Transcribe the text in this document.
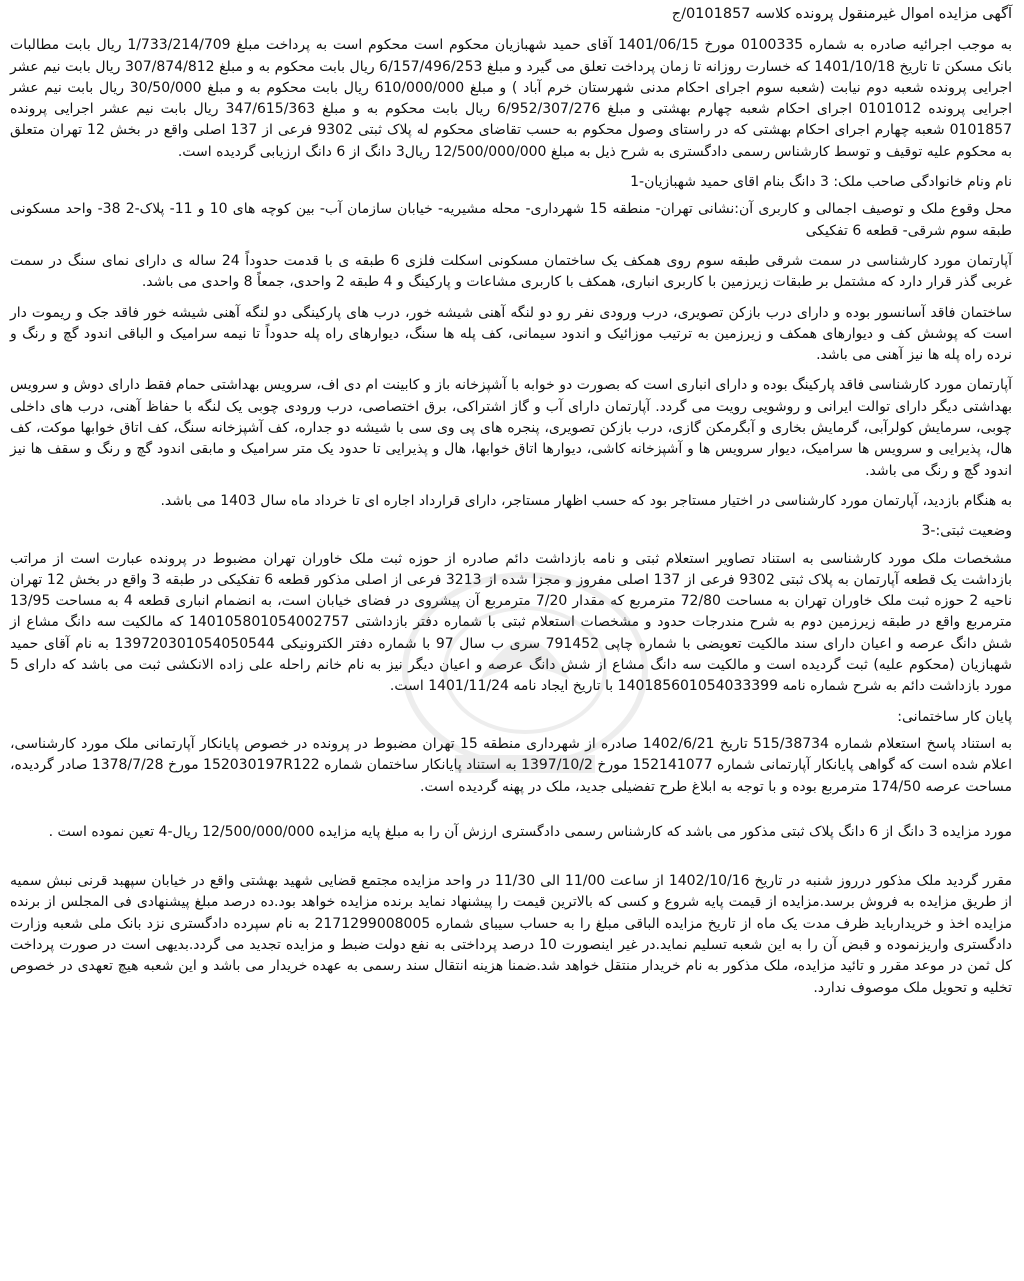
آگهی مزایده اموال غیرمنقول پرونده کلاسه 0101857/ج
به موجب اجرائیه صادره به شماره 0100335 مورخ 1401/06/15 آقای حمید شهبازیان محکوم است محکوم است به پرداخت مبلغ 1/733/214/709 ریال بابت مطالبات بانک مسکن تا تاریخ 1401/10/18 که خسارت روزانه تا زمان پرداخت تعلق می گیرد و مبلغ 6/157/496/253 ریال بابت محکوم به و مبلغ 307/874/812 ریال بابت نیم عشر اجرایی پرونده شعبه دوم نیابت (شعبه سوم اجرای احکام مدنی شهرستان خرم آباد ) و مبلغ 610/000/000 ریال بابت محکوم به و مبلغ 30/50/000 ریال بابت نیم عشر اجرایی پرونده 0101012 اجرای احکام شعبه چهارم بهشتی و مبلغ 6/952/307/276 ریال بابت محکوم به و مبلغ 347/615/363 ریال بابت نیم عشر اجرایی پرونده 0101857 شعبه چهارم اجرای احکام بهشتی که در راستای وصول محکوم به حسب تقاضای محکوم له پلاک ثبتی 9302 فرعی از 137 اصلی واقع در بخش 12 تهران متعلق به محکوم علیه توقیف و توسط کارشناس رسمی دادگستری به شرح ذیل به مبلغ 12/500/000/000 ریال3 دانگ از 6 دانگ ارزیابی گردیده است.
نام ونام خانوادگی صاحب ملک: 3 دانگ بنام اقای حمید شهبازیان-1
محل وقوع ملک و توصیف اجمالی و کاربری آن:نشانی تهران- منطقه 15 شهرداری- محله مشیریه- خیابان سازمان آب- بین کوچه های 10 و 11- پلاک-2 38- واحد مسکونی طبقه سوم شرقی- قطعه 6 تفکیکی
آپارتمان مورد کارشناسی در سمت شرقی طبقه سوم روی همکف یک ساختمان مسکونی اسکلت فلزی 6 طبقه ی با قدمت حدوداً 24 ساله ی دارای نمای سنگ در سمت غربی گذر قرار دارد که مشتمل بر طبقات زیرزمین با کاربری انباری، همکف با کاربری مشاعات و پارکینگ و 4 طبقه 2 واحدی، جمعاً 8 واحدی می باشد.
ساختمان فاقد آسانسور بوده و دارای درب بازکن تصویری، درب ورودی نفر رو دو لنگه آهنی شیشه خور، درب های پارکینگی دو لنگه آهنی شیشه خور فاقد جک و ریموت دار است که پوشش کف و دیوارهای همکف و زیرزمین به ترتیب موزائیک و اندود سیمانی، کف پله ها سنگ، دیوارهای راه پله حدوداً تا نیمه سرامیک و الباقی اندود گچ و رنگ و نرده راه پله ها نیز آهنی می باشد.
آپارتمان مورد کارشناسی فاقد پارکینگ بوده و دارای انباری است که بصورت دو خوابه با آشپزخانه باز و کابینت ام دی اف، سرویس بهداشتی حمام فقط دارای دوش و سرویس بهداشتی دیگر دارای توالت ایرانی و روشویی رویت می گردد. آپارتمان دارای آب و گاز اشتراکی، برق اختصاصی، درب ورودی چوبی یک لنگه با حفاظ آهنی، درب های داخلی چوبی، سرمایش کولرآبی، گرمایش بخاری و آبگرمکن گازی، درب بازکن تصویری، پنجره های پی وی سی با شیشه دو جداره، کف آشپزخانه سنگ، کف اتاق خوابها موکت، کف هال، پذیرایی و سرویس ها سرامیک، دیوار سرویس ها و آشپزخانه کاشی، دیوارها اتاق خوابها، هال و پذیرایی تا حدود یک متر سرامیک و مابقی اندود گچ و رنگ و سقف ها نیز اندود گچ و رنگ می باشد.
به هنگام بازدید، آپارتمان مورد کارشناسی در اختیار مستاجر بود که حسب اظهار مستاجر، دارای قرارداد اجاره ای تا خرداد ماه سال 1403 می باشد.
وضعیت ثبتی:-3
مشخصات ملک مورد کارشناسی به استناد تصاویر استعلام ثبتی و نامه بازداشت دائم صادره از حوزه ثبت ملک خاوران تهران مضبوط در پرونده عبارت است از مراتب بازداشت یک قطعه آپارتمان به پلاک ثبتی 9302 فرعی از 137 اصلی مفروز و مجزا شده از 3213 فرعی از اصلی مذکور قطعه 6 تفکیکی در طبقه 3 واقع در بخش 12 تهران ناحیه 2 حوزه ثبت ملک خاوران تهران به مساحت 72/80 مترمربع که مقدار 7/20 مترمربع آن پیشروی در فضای خیابان است، به انضمام انباری قطعه 4 به مساحت 13/95 مترمربع واقع در طبقه زیرزمین دوم به شرح مندرجات حدود و مشخصات استعلام ثبتی با شماره دفتر بازداشتی 140105801054002757 که مالکیت سه دانگ مشاع از شش دانگ عرصه و اعیان دارای سند مالکیت تعویضی با شماره چاپی 791452 سری ب سال 97 با شماره دفتر الکترونیکی 139720301054050544 به نام آقای حمید شهبازیان (محکوم علیه) ثبت گردیده است و مالکیت سه دانگ مشاع از شش دانگ عرصه و اعیان دیگر نیز به نام خانم راحله علی زاده الانکشی ثبت می باشد که دارای 5 مورد بازداشت دائم به شرح شماره نامه 140185601054033399 با تاریخ ایجاد نامه 1401/11/24 است.
پایان کار ساختمانی:
به استناد پاسخ استعلام شماره 515/38734 تاریخ 1402/6/21 صادره از شهرداری منطقه 15 تهران مضبوط در پرونده در خصوص پایانکار آپارتمانی ملک مورد کارشناسی، اعلام شده است که گواهی پایانکار آپارتمانی شماره 152141077 مورخ 1397/10/2 به استناد پایانکار ساختمان شماره 152030197R122 مورخ 1378/7/28 صادر گردیده، مساحت عرصه 174/50 مترمربع بوده و با توجه به ابلاغ طرح تفضیلی جدید، ملک در پهنه گردیده است.
مورد مزایده 3 دانگ از 6 دانگ پلاک ثبتی مذکور می باشد که کارشناس رسمی دادگستری ارزش آن را به مبلغ پایه مزایده 12/500/000/000 ریال-4 تعین نموده است .
مقرر گردید ملک مذکور درروز شنبه در تاریخ 1402/10/16 از ساعت 11/00 الی 11/30 در واحد مزایده مجتمع قضایی شهید بهشتی واقع در خیابان سپهبد قرنی نبش سمیه از طریق مزایده به فروش برسد.مزایده از قیمت پایه شروع و کسی که بالاترین قیمت را پیشنهاد نماید برنده مزایده خواهد بود.ده درصد مبلغ پیشنهادی فی المجلس از برنده مزایده اخذ و خریدارباید ظرف مدت یک ماه از تاریخ مزایده الباقی مبلغ را به حساب سیبای شماره 2171299008005 به نام سپرده دادگستری نزد بانک ملی شعبه وزارت دادگستری واریزنموده و قبض آن را به این شعبه تسلیم نماید.در غیر اینصورت 10 درصد پرداختی به نفع دولت ضبط و مزایده تجدید می گردد.بدیهی است در صورت پرداخت کل ثمن در موعد مقرر و تائید مزایده، ملک مذکور به نام خریدار منتقل خواهد شد.ضمنا هزینه انتقال سند رسمی به عهده خریدار می باشد و این شعبه هیچ تعهدی در خصوص تخلیه و تحویل ملک موصوف ندارد.
